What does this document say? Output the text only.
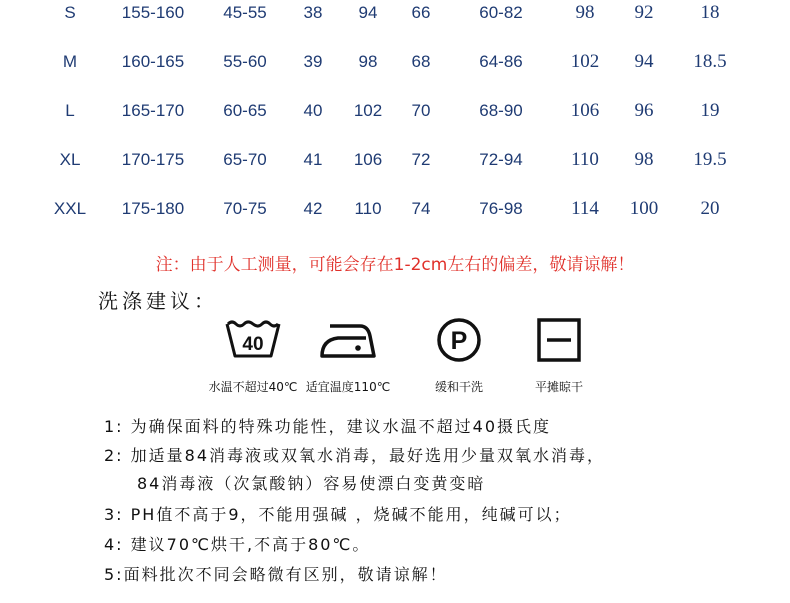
S	155-160 45-55 38 94 66	60-82	98 92 18
M	160-165 55-60 39 98 68	64-86	102 94 18.5
L	165-170 60-65 40 102 70	68-90	106 96 19
XL 170-175 65-70 41 106 72	72-94	110 98 19.5
XXL 175-180 70-75 42 110 74	76-98	114 100 20
注：由于人工测量，可能会存在1-2cm左右的偏差，敬请谅解！
洗涤建议：
40
水温不超过40℃ 适宜温度110℃
P
缓和干洗	平摊晾干
1: 为确保面料的特殊功能性，建议水温不超过40摄氏度
2: 加适量84消毒液或双氧水消毒，最好选用少量双氧水消毒，
84消毒液（次氯酸钠）容易使漂白变黄变暗
3: PH值不高于9，不能用强碱 ，烧碱不能用，纯碱可以；
4: 建议70℃烘干,不高于80℃。
5:面料批次不同会略微有区别，敬请谅解！
